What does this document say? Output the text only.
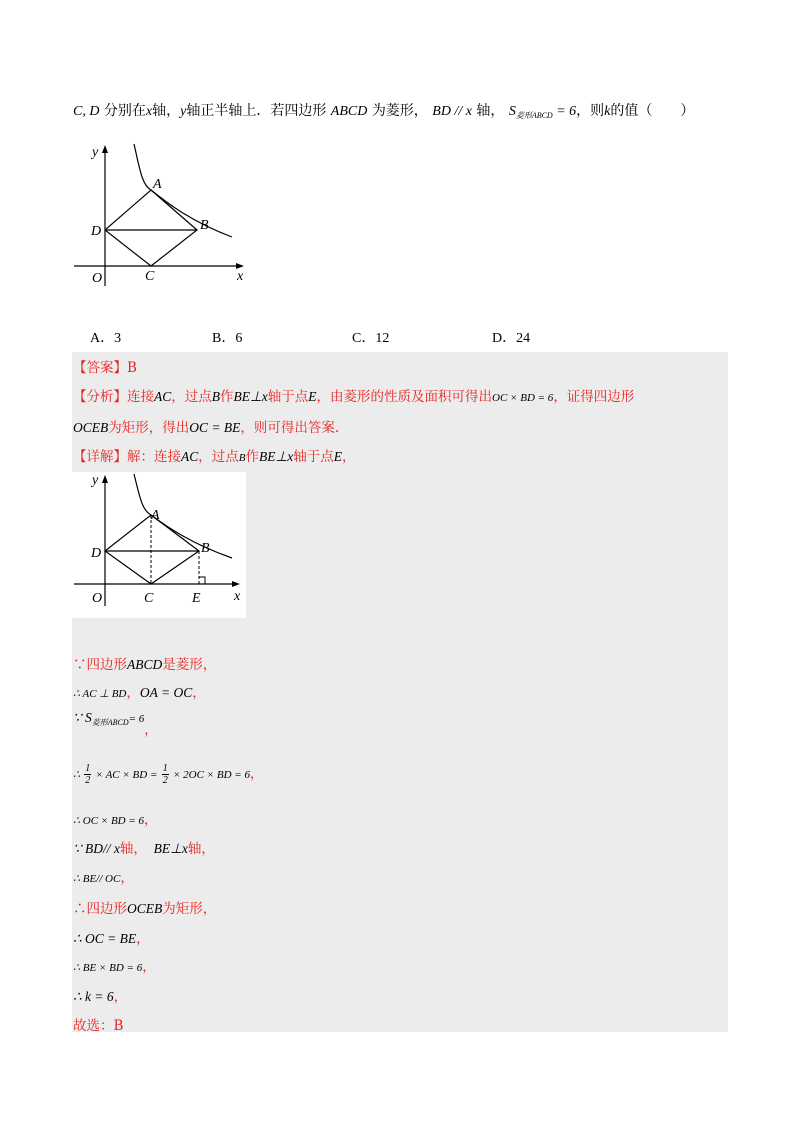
C, D 分别在x轴，y轴正半轴上．若四边形 ABCD 为菱形， BD // x 轴， $S_{菱形ABCD} = 6$，则k的值（　　）
y
x
O
A
B
C
D
A．3	B．6	C．12	D．24
【答案】B
【分析】连接AC，过点B作BE⊥x轴于点E，由菱形的性质及面积可得出OC × BD = 6，证得四边形
OCEB为矩形，得出OC = BE，则可得出答案.
【详解】解：连接AC，过点B作BE⊥x轴于点E，
y
x
O
A
B
C
D
E
∵四边形ABCD是菱形，
∴ AC ⊥ BD，OA = OC，
∵ $S_{菱形ABCD}= 6$，
∴ $\frac{1}{2}$ × AC × BD = $\frac{1}{2} \times 2OC$ × BD = 6，
∴ OC × BD = 6，
∵ BD// x轴，　 BE⊥x轴，
∴ BE// OC，
∴四边形OCEB为矩形，
∴ OC = BE，
∴ BE × BD = 6，
∴ k = 6，
故选：B
